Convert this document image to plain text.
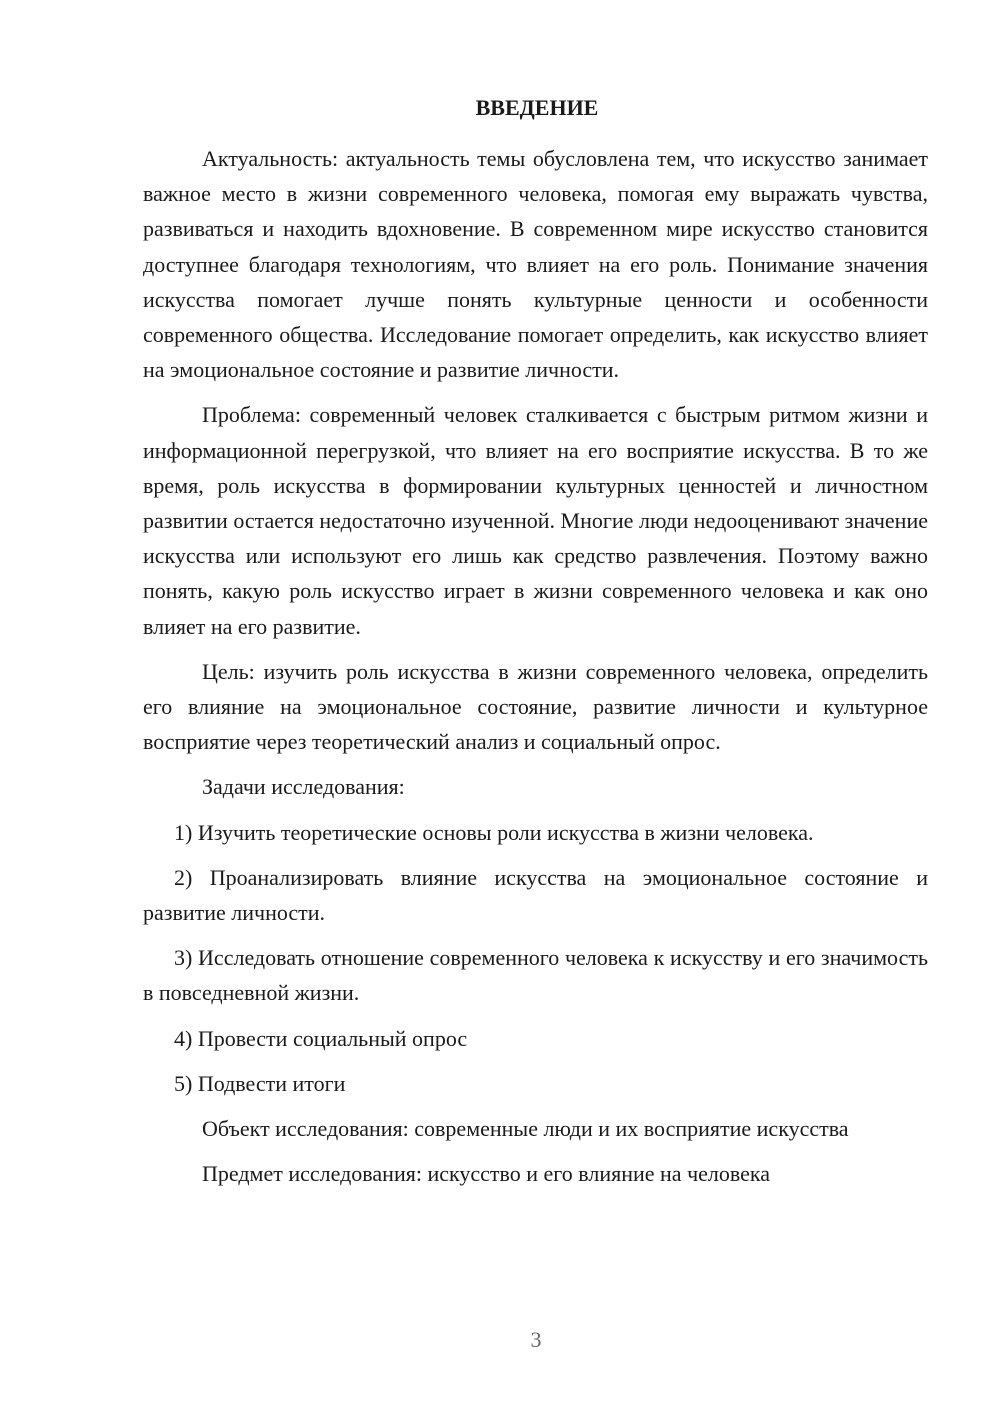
ВВЕДЕНИЕ

Актуальность: актуальность темы обусловлена тем, что искусство занимает важное место в жизни современного человека, помогая ему выражать чувства, развиваться и находить вдохновение. В современном мире искусство становится доступнее благодаря технологиям, что влияет на его роль. Понимание значения искусства помогает лучше понять культурные ценности и особенности современного общества. Исследование помогает определить, как искусство влияет на эмоциональное состояние и развитие личности.

Проблема: современный человек сталкивается с быстрым ритмом жизни и информационной перегрузкой, что влияет на его восприятие искусства. В то же время, роль искусства в формировании культурных ценностей и личностном развитии остается недостаточно изученной. Многие люди недооценивают значение искусства или используют его лишь как средство развлечения. Поэтому важно понять, какую роль искусство играет в жизни современного человека и как оно влияет на его развитие.

Цель: изучить роль искусства в жизни современного человека, определить его влияние на эмоциональное состояние, развитие личности и культурное восприятие через теоретический анализ и социальный опрос.

Задачи исследования:

1) Изучить теоретические основы роли искусства в жизни человека.

2) Проанализировать влияние искусства на эмоциональное состояние и развитие личности.

3) Исследовать отношение современного человека к искусству и его значимость в повседневной жизни.

4) Провести социальный опрос

5) Подвести итоги

Объект исследования: современные люди и их восприятие искусства

Предмет исследования: искусство и его влияние на человека

3
